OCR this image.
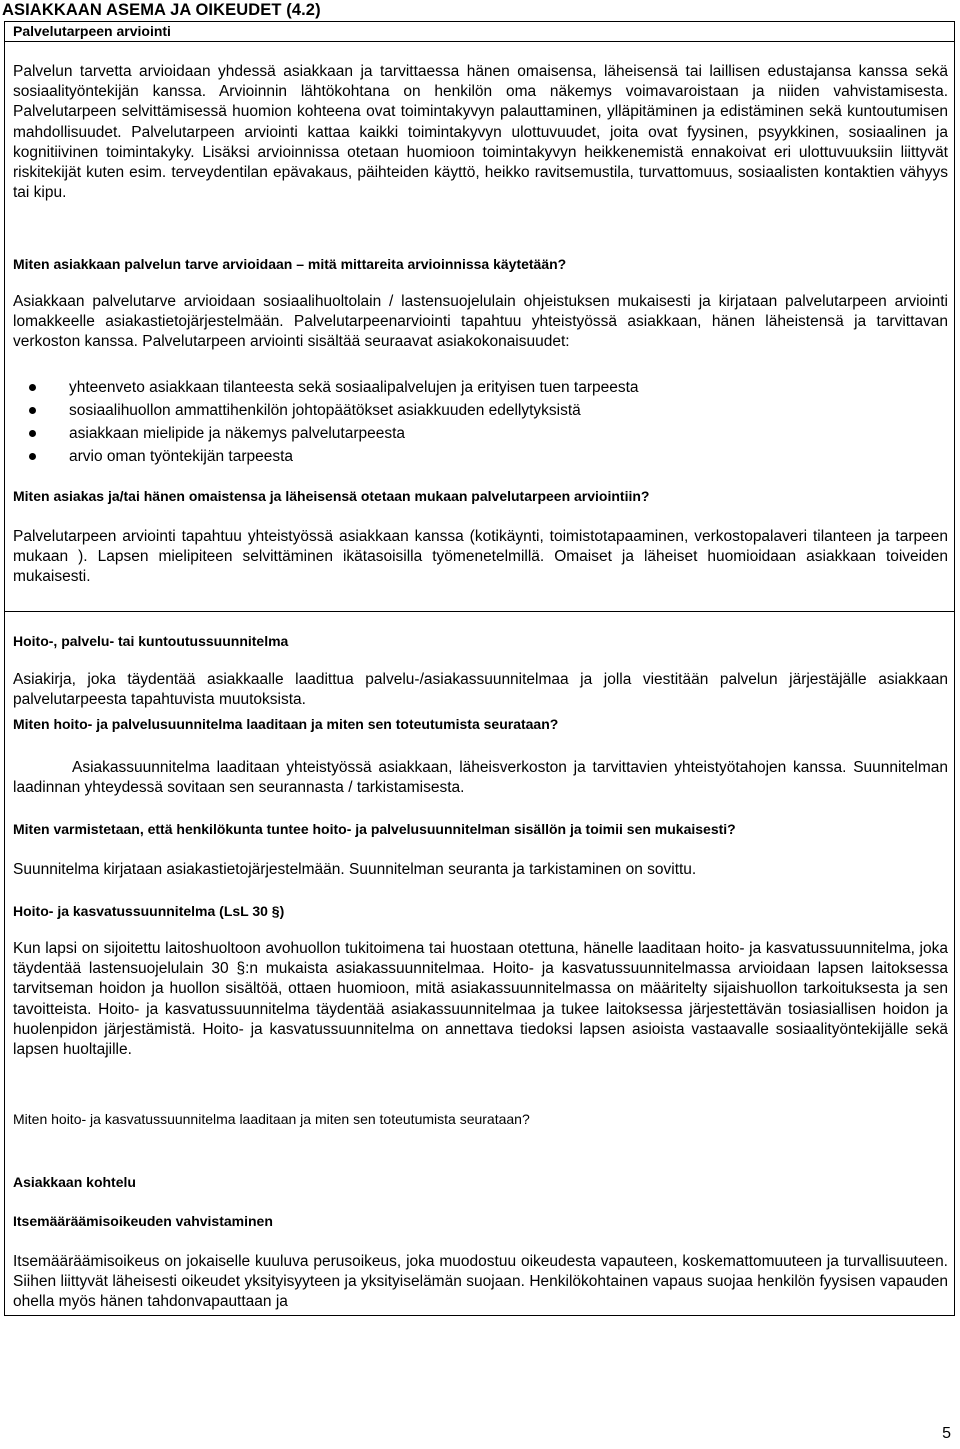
ASIAKKAAN ASEMA JA OIKEUDET (4.2)
Palvelutarpeen arviointi

Palvelun tarvetta arvioidaan yhdessä asiakkaan ja tarvittaessa hänen omaisensa, läheisensä tai laillisen edustajansa kanssa sekä sosiaalityöntekijän kanssa. Arvioinnin lähtökohtana on henkilön oma näkemys voimavaroistaan ja niiden vahvistamisesta. Palvelutarpeen selvittämisessä huomion kohteena ovat toimintakyvyn palauttaminen, ylläpitäminen ja edistäminen sekä kuntoutumisen mahdollisuudet. Palvelutarpeen arviointi kattaa kaikki toimintakyvyn ulottuvuudet, joita ovat fyysinen, psyykkinen, sosiaalinen ja kognitiivinen toimintakyky. Lisäksi arvioinnissa otetaan huomioon toimintakyvyn heikkenemistä ennakoivat eri ulottuvuuksiin liittyvät riskitekijät kuten esim. terveydentilan epävakaus, päihteiden käyttö, heikko ravitsemustila, turvattomuus, sosiaalisten kontaktien vähyys tai kipu.

Miten asiakkaan palvelun tarve arvioidaan – mitä mittareita arvioinnissa käytetään?

Asiakkaan palvelutarve arvioidaan sosiaalihuoltolain / lastensuojelulain ohjeistuksen mukaisesti ja kirjataan palvelutarpeen arviointi lomakkeelle asiakastietojärjestelmään. Palvelutarpeenarviointi tapahtuu yhteistyössä asiakkaan, hänen läheistensä ja tarvittavan verkoston kanssa. Palvelutarpeen arviointi sisältää seuraavat asiakokonaisuudet:

yhteenveto asiakkaan tilanteesta sekä sosiaalipalvelujen ja erityisen tuen tarpeesta
sosiaalihuollon ammattihenkilön johtopäätökset asiakkuuden edellytyksistä
asiakkaan mielipide ja näkemys palvelutarpeesta
arvio oman työntekijän tarpeesta

Miten asiakas ja/tai hänen omaistensa ja läheisensä otetaan mukaan palvelutarpeen arviointiin?

Palvelutarpeen arviointi tapahtuu yhteistyössä asiakkaan kanssa (kotikäynti, toimistotapaaminen, verkostopalaveri tilanteen ja tarpeen mukaan ). Lapsen mielipiteen selvittäminen ikätasoisilla työmenetelmillä. Omaiset ja läheiset huomioidaan asiakkaan toiveiden mukaisesti.

Hoito-, palvelu- tai kuntoutussuunnitelma

Asiakirja, joka täydentää asiakkaalle laadittua palvelu-/asiakassuunnitelmaa ja jolla viestitään palvelun järjestäjälle asiakkaan palvelutarpeesta tapahtuvista muutoksista.

Miten hoito- ja palvelusuunnitelma laaditaan ja miten sen toteutumista seurataan?

Asiakassuunnitelma laaditaan yhteistyössä asiakkaan, läheisverkoston ja tarvittavien yhteistyötahojen kanssa. Suunnitelman laadinnan yhteydessä sovitaan sen seurannasta / tarkistamisesta.

Miten varmistetaan, että henkilökunta tuntee hoito- ja palvelusuunnitelman sisällön ja toimii sen mukaisesti?

Suunnitelma kirjataan asiakastietojärjestelmään. Suunnitelman seuranta ja tarkistaminen on sovittu.

Hoito- ja kasvatussuunnitelma (LsL 30 §)

Kun lapsi on sijoitettu laitoshuoltoon avohuollon tukitoimena tai huostaan otettuna, hänelle laaditaan hoito- ja kasvatussuunnitelma, joka täydentää lastensuojelulain 30 §:n mukaista asiakassuunnitelmaa. Hoito- ja kasvatussuunnitelmassa arvioidaan lapsen laitoksessa tarvitseman hoidon ja huollon sisältöä, ottaen huomioon, mitä asiakassuunnitelmassa on määritelty sijaishuollon tarkoituksesta ja sen tavoitteista. Hoito- ja kasvatussuunnitelma täydentää asiakassuunnitelmaa ja tukee laitoksessa järjestettävän tosiasiallisen hoidon ja huolenpidon järjestämistä. Hoito- ja kasvatussuunnitelma on annettava tiedoksi lapsen asioista vastaavalle sosiaalityöntekijälle sekä lapsen huoltajille.

Miten hoito- ja kasvatussuunnitelma laaditaan ja miten sen toteutumista seurataan?

Asiakkaan kohtelu

Itsemääräämisoikeuden vahvistaminen

Itsemääräämisoikeus on jokaiselle kuuluva perusoikeus, joka muodostuu oikeudesta vapauteen, koskemattomuuteen ja turvallisuuteen. Siihen liittyvät läheisesti oikeudet yksityisyyteen ja yksityiselämän suojaan. Henkilökohtainen vapaus suojaa henkilön fyysisen vapauden ohella myös hänen tahdonvapauttaan ja

5
